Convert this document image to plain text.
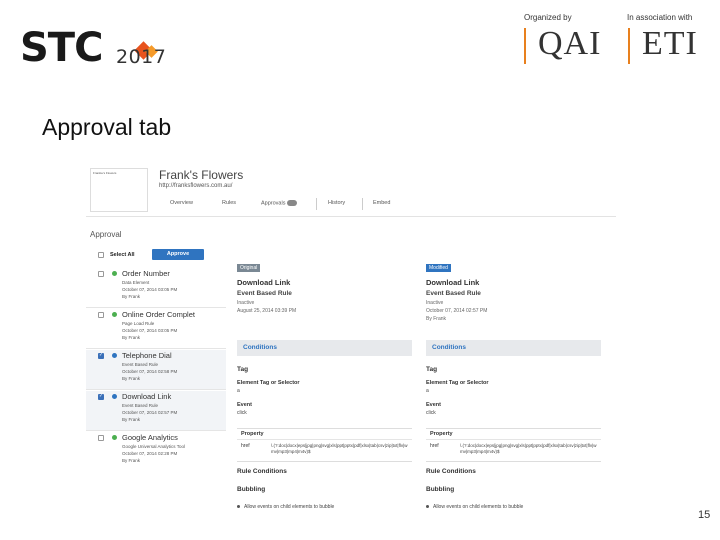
STC 2017
Organized by	In association with
QAI ETI
Approval tab
Frankie's Flowers	Frank's Flowers
http://franksflowers.com.au/
Overview	Rules	Approvals	History	Embed
Approval
Select All	Approve
Order Number
Data Element
October 07, 2014 03:05 PM
By Frank
Online Order Complet
Page Load Rule
October 07, 2014 03:05 PM
By Frank
✓
Telephone Dial
Event Based Rule
October 07, 2014 02:58 PM
By Frank
✓
Download Link
Event Based Rule
October 07, 2014 02:57 PM
By Frank
Google Analytics
Google Universal Analytics Tool
October 07, 2014 02:28 PM
By Frank
Original
Download Link
Event Based Rule
Inactive
August 25, 2014 03:39 PM
Conditions
Tag
Element Tag or Selector
a
Event
click
Property
href	\.(?:doc|docx|eps|jpg|png|svg|xls|ppt|pptx|pdf|xlsx|tab|csv|zip|txt|flv|wmv|mp3|mp4|m4v)$
Rule Conditions
Bubbling
Allow events on child elements to bubble
Modified
Download Link
Event Based Rule
Inactive
October 07, 2014 02:57 PM
By Frank
Conditions
Tag
Element Tag or Selector
a
Event
click
Property
href	\.(?:doc|docx|eps|jpg|png|svg|xls|ppt|pptx|pdf|xlsx|tab|csv|zip|txt|flv|wmv|mp3|mp4|m4v)$
Rule Conditions
Bubbling
Allow events on child elements to bubble
15
